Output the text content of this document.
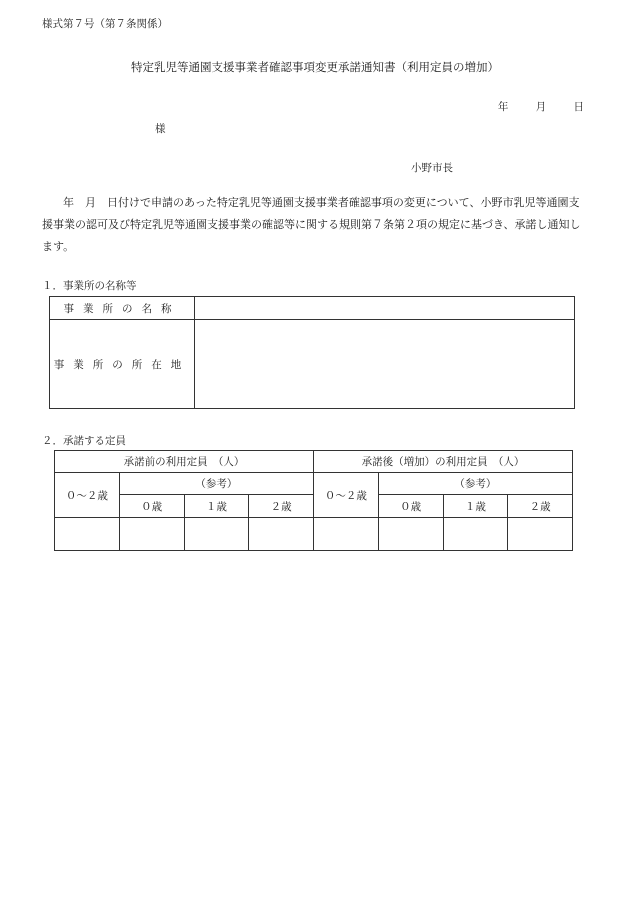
様式第７号（第７条関係）
特定乳児等通園支援事業者確認事項変更承諾通知書（利用定員の増加）
年	月	日
様
小野市長
年　月　日付けで申請のあった特定乳児等通園支援事業者確認事項の変更について、小野市乳児等通園支援事業の認可及び特定乳児等通園支援事業の確認等に関する規則第７条第２項の規定に基づき、承諾し通知します。
１．事業所の名称等
事業所の名称	
事業所の所在地	
２．承諾する定員
承諾前の利用定員　（人）				承諾後（増加）の利用定員　（人）			
０～２歳	（参考）			０～２歳	（参考）		
	０歳	１歳	２歳		０歳	１歳	２歳
